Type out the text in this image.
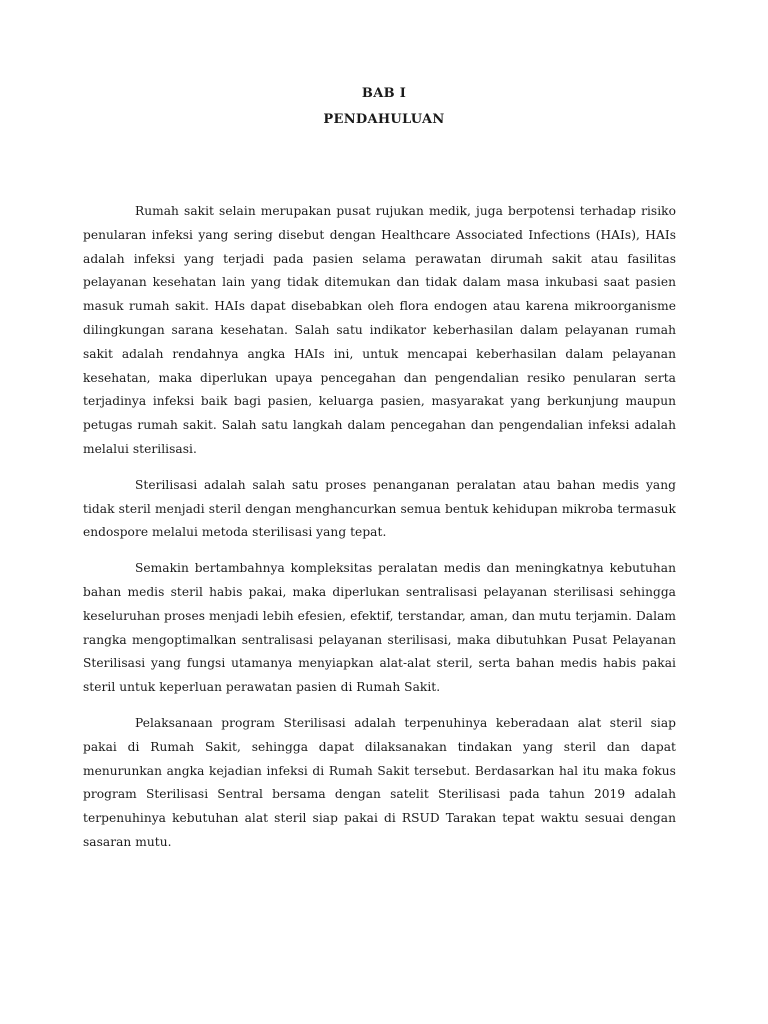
BAB I
PENDAHULUAN

Rumah sakit selain merupakan pusat rujukan medik, juga berpotensi terhadap risiko penularan infeksi yang sering disebut dengan Healthcare Associated Infections (HAIs), HAIs adalah infeksi yang terjadi pada pasien selama perawatan dirumah sakit atau fasilitas pelayanan kesehatan lain yang tidak ditemukan dan tidak dalam masa inkubasi saat pasien masuk rumah sakit. HAIs dapat disebabkan oleh flora endogen atau karena mikroorganisme dilingkungan sarana kesehatan. Salah satu indikator keberhasilan dalam pelayanan rumah sakit adalah rendahnya angka HAIs ini, untuk mencapai keberhasilan dalam pelayanan kesehatan, maka diperlukan upaya pencegahan dan pengendalian resiko penularan serta terjadinya infeksi baik bagi pasien, keluarga pasien, masyarakat yang berkunjung maupun petugas rumah sakit. Salah satu langkah dalam pencegahan dan pengendalian infeksi adalah melalui sterilisasi.

Sterilisasi adalah salah satu proses penanganan peralatan atau bahan medis yang tidak steril menjadi steril dengan menghancurkan semua bentuk kehidupan mikroba termasuk endospore melalui metoda sterilisasi yang tepat.

Semakin bertambahnya kompleksitas peralatan medis dan meningkatnya kebutuhan bahan medis steril habis pakai, maka diperlukan sentralisasi pelayanan sterilisasi sehingga keseluruhan proses menjadi lebih efesien, efektif, terstandar, aman, dan mutu terjamin. Dalam rangka mengoptimalkan sentralisasi pelayanan sterilisasi, maka dibutuhkan Pusat Pelayanan Sterilisasi yang fungsi utamanya menyiapkan alat-alat steril, serta bahan medis habis pakai steril untuk keperluan perawatan pasien di Rumah Sakit.

Pelaksanaan program Sterilisasi adalah terpenuhinya keberadaan alat steril siap pakai di Rumah Sakit, sehingga dapat dilaksanakan tindakan yang steril dan dapat menurunkan angka kejadian infeksi di Rumah Sakit tersebut. Berdasarkan hal itu maka fokus program Sterilisasi Sentral bersama dengan satelit Sterilisasi pada tahun 2019 adalah terpenuhinya kebutuhan alat steril siap pakai di RSUD Tarakan tepat waktu sesuai dengan sasaran mutu.
